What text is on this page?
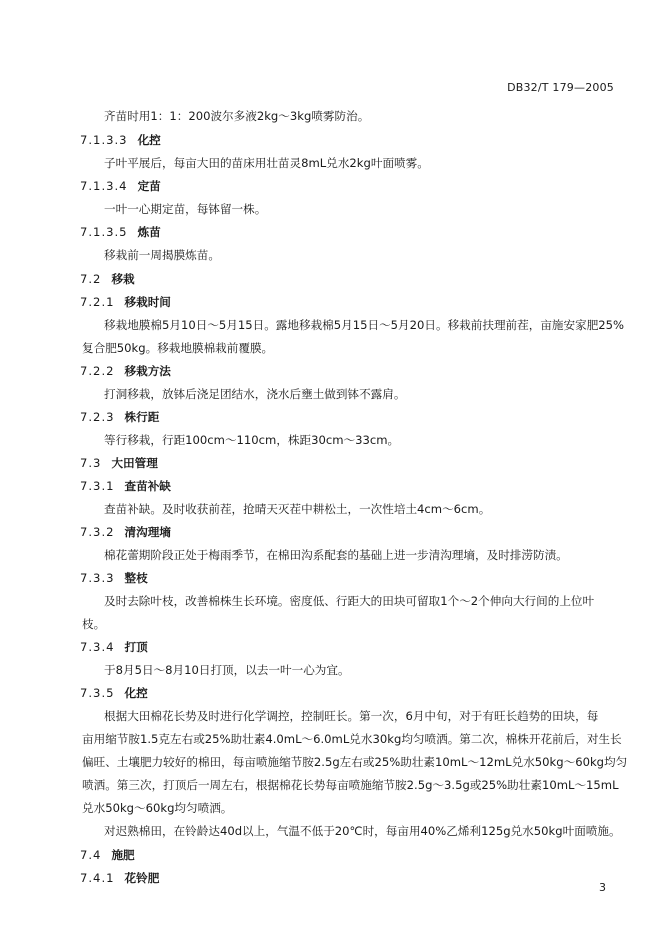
DB32/T 179—2005
齐苗时用1：1：200波尔多液2kg～3kg喷雾防治。
7.1.3.3 化控
子叶平展后，每亩大田的苗床用壮苗灵8mL兑水2kg叶面喷雾。
7.1.3.4 定苗
一叶一心期定苗，每钵留一株。
7.1.3.5 炼苗
移栽前一周揭膜炼苗。
7.2 移栽
7.2.1 移栽时间
移栽地膜棉5月10日～5月15日。露地移栽棉5月15日～5月20日。移栽前扶理前茬，亩施安家肥25%
复合肥50kg。移栽地膜棉栽前覆膜。
7.2.2 移栽方法
打洞移栽，放钵后浇足团结水，浇水后壅土做到钵不露肩。
7.2.3 株行距
等行移栽，行距100cm～110cm，株距30cm～33cm。
7.3 大田管理
7.3.1 查苗补缺
查苗补缺。及时收获前茬，抢晴天灭茬中耕松土，一次性培土4cm～6cm。
7.3.2 清沟理墒
棉花蕾期阶段正处于梅雨季节，在棉田沟系配套的基础上进一步清沟理墒，及时排涝防渍。
7.3.3 整枝
及时去除叶枝，改善棉株生长环境。密度低、行距大的田块可留取1个～2个伸向大行间的上位叶
枝。
7.3.4 打顶
于8月5日～8月10日打顶，以去一叶一心为宜。
7.3.5 化控
根据大田棉花长势及时进行化学调控，控制旺长。第一次，6月中旬，对于有旺长趋势的田块，每
亩用缩节胺1.5克左右或25%助壮素4.0mL～6.0mL兑水30kg均匀喷洒。第二次，棉株开花前后，对生长
偏旺、土壤肥力较好的棉田，每亩喷施缩节胺2.5g左右或25%助壮素10mL～12mL兑水50kg～60kg均匀
喷洒。第三次，打顶后一周左右，根据棉花长势每亩喷施缩节胺2.5g～3.5g或25%助壮素10mL～15mL
兑水50kg～60kg均匀喷洒。
对迟熟棉田，在铃龄达40d以上，气温不低于20℃时，每亩用40%乙烯利125g兑水50kg叶面喷施。
7.4 施肥
7.4.1 花铃肥
3
